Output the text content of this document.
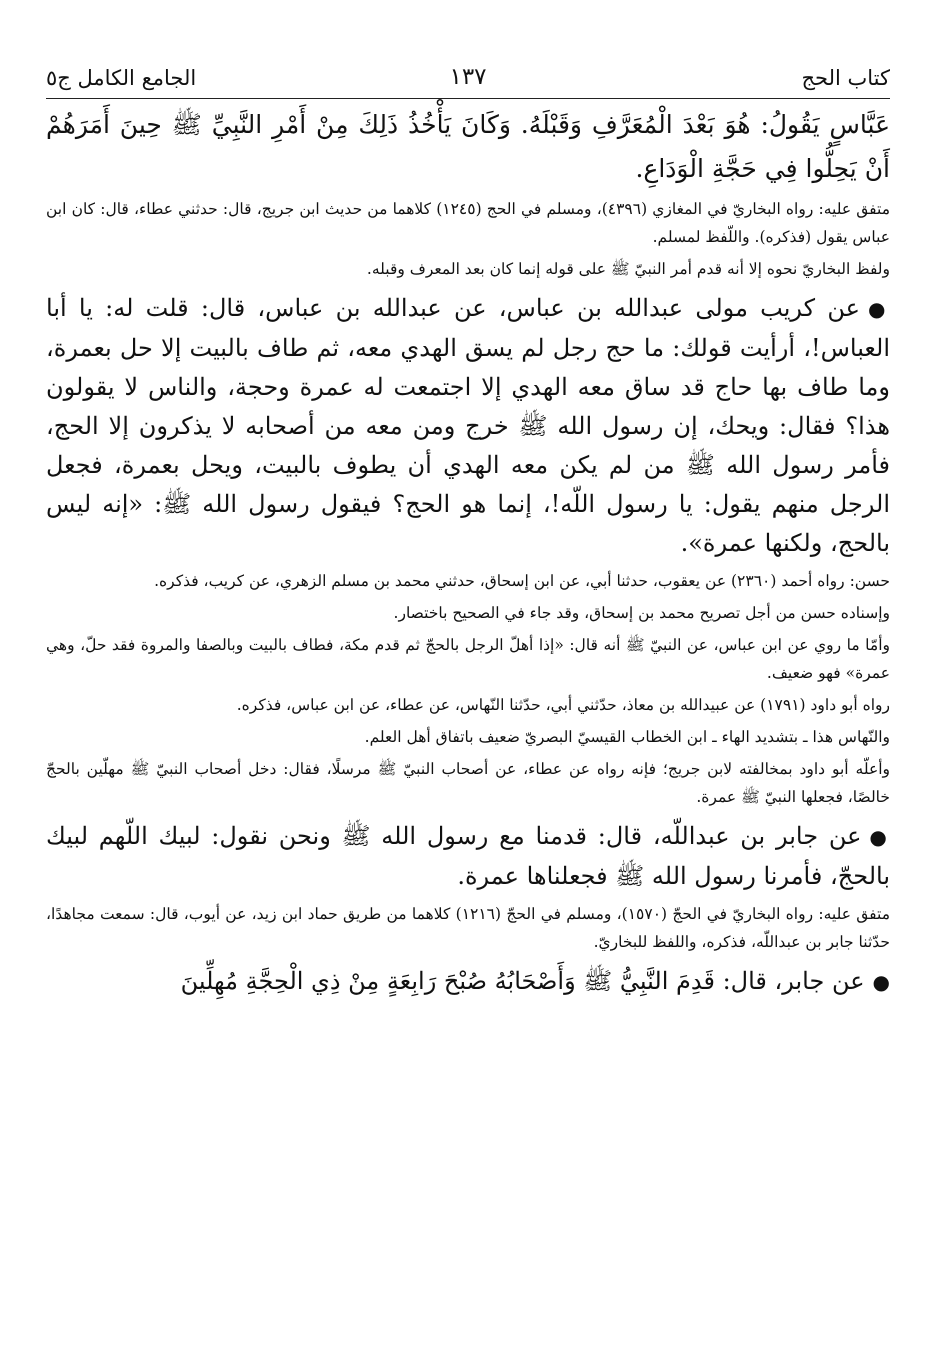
كتاب الحج
١٣٧
الجامع الكامل ج٥

عَبَّاسٍ يَقُولُ: هُوَ بَعْدَ الْمُعَرَّفِ وَقَبْلَهُ. وَكَانَ يَأْخُذُ ذَلِكَ مِنْ أَمْرِ النَّبِيِّ ﷺ حِينَ أَمَرَهُمْ أَنْ يَحِلُّوا فِي حَجَّةِ الْوَدَاعِ.

متفق عليه: رواه البخاريّ في المغازي (٤٣٩٦)، ومسلم في الحج (١٢٤٥) كلاهما من حديث ابن جريج، قال: حدثني عطاء، قال: كان ابن عباس يقول (فذكره). واللّفظ لمسلم.

ولفظ البخاريّ نحوه إلا أنه قدم أمر النبيّ ﷺ على قوله إنما كان بعد المعرف وقبله.

●عن كريب مولى عبدالله بن عباس، عن عبدالله بن عباس، قال: قلت له: يا أبا العباس!، أرأيت قولك: ما حج رجل لم يسق الهدي معه، ثم طاف بالبيت إلا حل بعمرة، وما طاف بها حاج قد ساق معه الهدي إلا اجتمعت له عمرة وحجة، والناس لا يقولون هذا؟ فقال: ويحك، إن رسول الله ﷺ خرج ومن معه من أصحابه لا يذكرون إلا الحج، فأمر رسول الله ﷺ من لم يكن معه الهدي أن يطوف بالبيت، ويحل بعمرة، فجعل الرجل منهم يقول: يا رسول اللّه!، إنما هو الحج؟ فيقول رسول الله ﷺ: «إنه ليس بالحج، ولكنها عمرة».

حسن: رواه أحمد (٢٣٦٠) عن يعقوب، حدثنا أبي، عن ابن إسحاق، حدثني محمد بن مسلم الزهري، عن كريب، فذكره.

وإسناده حسن من أجل تصريح محمد بن إسحاق، وقد جاء في الصحيح باختصار.

وأمّا ما روي عن ابن عباس، عن النبيّ ﷺ أنه قال: «إذا أهلّ الرجل بالحجّ ثم قدم مكة، فطاف بالبيت وبالصفا والمروة فقد حلّ، وهي عمرة» فهو ضعيف.

رواه أبو داود (١٧٩١) عن عبيدالله بن معاذ، حدّثني أبي، حدّثنا النّهاس، عن عطاء، عن ابن عباس، فذكره.

والنّهاس هذا ـ بتشديد الهاء ـ ابن الخطاب القيسيّ البصريّ ضعيف باتفاق أهل العلم.

وأعلّه أبو داود بمخالفته لابن جريج؛ فإنه رواه عن عطاء، عن أصحاب النبيّ ﷺ مرسلًا، فقال: دخل أصحاب النبيّ ﷺ مهلّين بالحجّ خالصًا، فجعلها النبيّ ﷺ عمرة.

●عن جابر بن عبداللّه، قال: قدمنا مع رسول الله ﷺ ونحن نقول: لبيك اللّهم لبيك بالحجّ، فأمرنا رسول الله ﷺ فجعلناها عمرة.

متفق عليه: رواه البخاريّ في الحجّ (١٥٧٠)، ومسلم في الحجّ (١٢١٦) كلاهما من طريق حماد ابن زيد، عن أيوب، قال: سمعت مجاهدًا، حدّثنا جابر بن عبداللّه، فذكره، واللفظ للبخاريّ.

●عن جابر، قال: قَدِمَ النَّبِيُّ ﷺ وَأَصْحَابُهُ صُبْحَ رَابِعَةٍ مِنْ ذِي الْحِجَّةِ مُهِلِّينَ
